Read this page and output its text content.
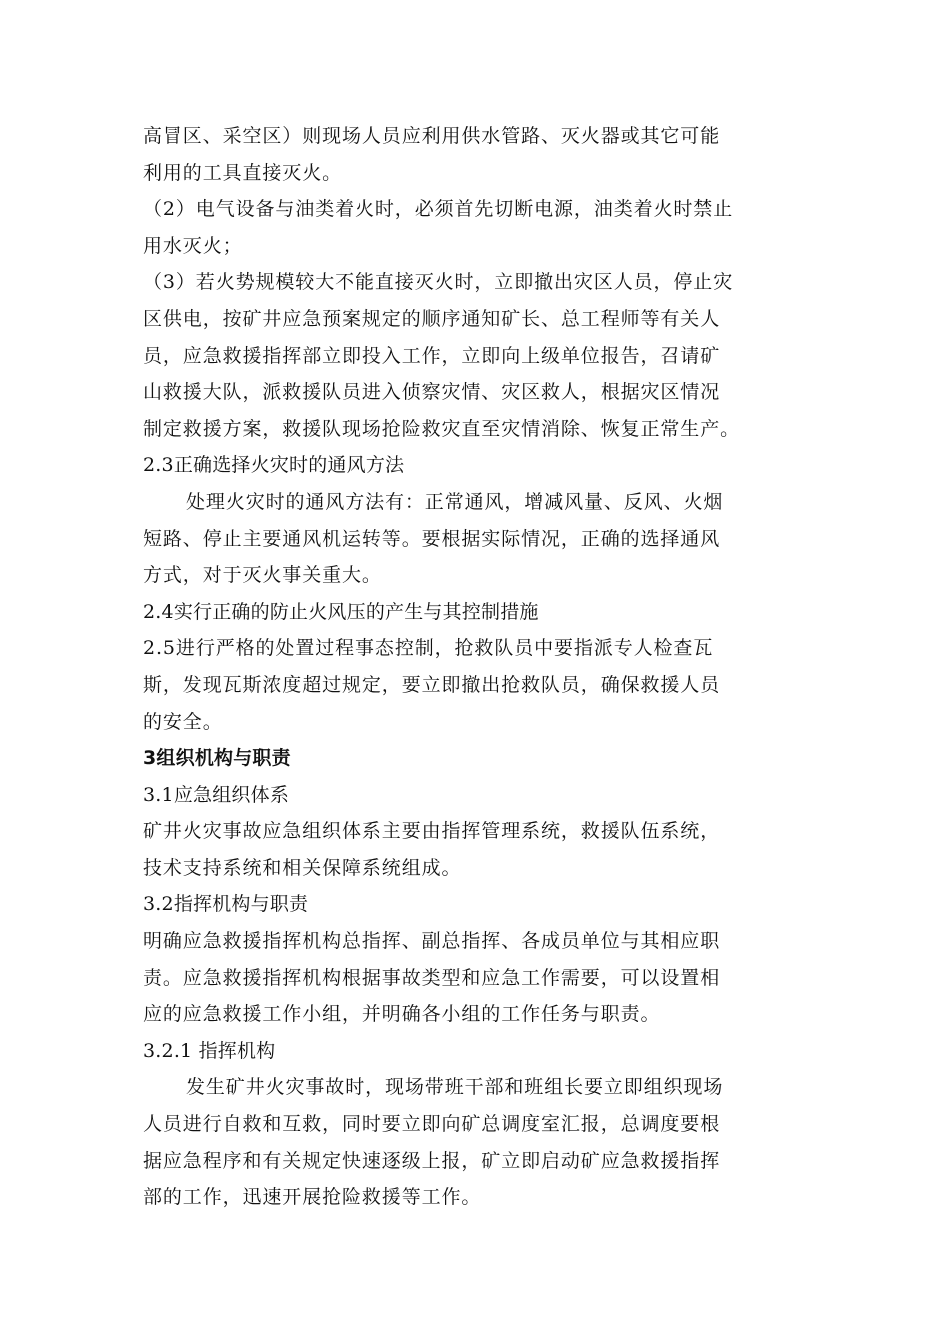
高冒区、采空区）则现场人员应利用供水管路、灭火器或其它可能
利用的工具直接灭火。
（2）电气设备与油类着火时，必须首先切断电源，油类着火时禁止
用水灭火；
（3）若火势规模较大不能直接灭火时，立即撤出灾区人员，停止灾
区供电，按矿井应急预案规定的顺序通知矿长、总工程师等有关人
员，应急救援指挥部立即投入工作，立即向上级单位报告，召请矿
山救援大队，派救援队员进入侦察灾情、灾区救人，根据灾区情况
制定救援方案，救援队现场抢险救灾直至灾情消除、恢复正常生产。
2.3正确选择火灾时的通风方法
处理火灾时的通风方法有：正常通风，增减风量、反风、火烟
短路、停止主要通风机运转等。要根据实际情况，正确的选择通风
方式，对于灭火事关重大。
2.4实行正确的防止火风压的产生与其控制措施
2.5进行严格的处置过程事态控制，抢救队员中要指派专人检查瓦
斯，发现瓦斯浓度超过规定，要立即撤出抢救队员，确保救援人员
的安全。
3组织机构与职责
3.1应急组织体系
矿井火灾事故应急组织体系主要由指挥管理系统，救援队伍系统，
技术支持系统和相关保障系统组成。
3.2指挥机构与职责
明确应急救援指挥机构总指挥、副总指挥、各成员单位与其相应职
责。应急救援指挥机构根据事故类型和应急工作需要，可以设置相
应的应急救援工作小组，并明确各小组的工作任务与职责。
3.2.1 指挥机构
发生矿井火灾事故时，现场带班干部和班组长要立即组织现场
人员进行自救和互救，同时要立即向矿总调度室汇报，总调度要根
据应急程序和有关规定快速逐级上报，矿立即启动矿应急救援指挥
部的工作，迅速开展抢险救援等工作。
